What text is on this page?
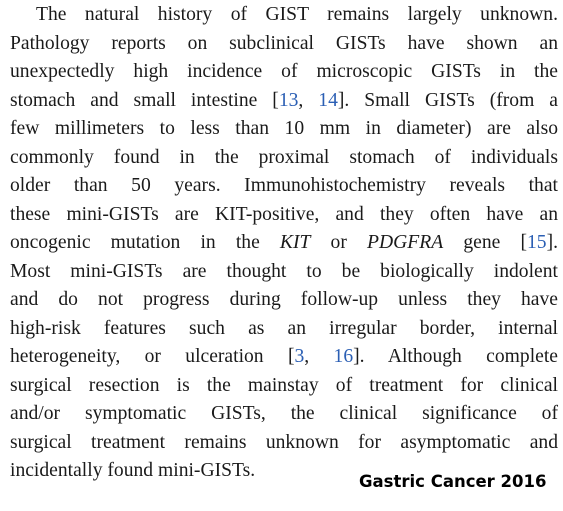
The natural history of GIST remains largely unknown.
Pathology reports on subclinical GISTs have shown an
unexpectedly high incidence of microscopic GISTs in the
stomach and small intestine [13, 14]. Small GISTs (from a
few millimeters to less than 10 mm in diameter) are also
commonly found in the proximal stomach of individuals
older than 50 years. Immunohistochemistry reveals that
these mini-GISTs are KIT-positive, and they often have an
oncogenic mutation in the KIT or PDGFRA gene [15].
Most mini-GISTs are thought to be biologically indolent
and do not progress during follow-up unless they have
high-risk features such as an irregular border, internal
heterogeneity, or ulceration [3, 16]. Although complete
surgical resection is the mainstay of treatment for clinical
and/or symptomatic GISTs, the clinical significance of
surgical treatment remains unknown for asymptomatic and
incidentally found mini-GISTs.

Gastric Cancer 2016
